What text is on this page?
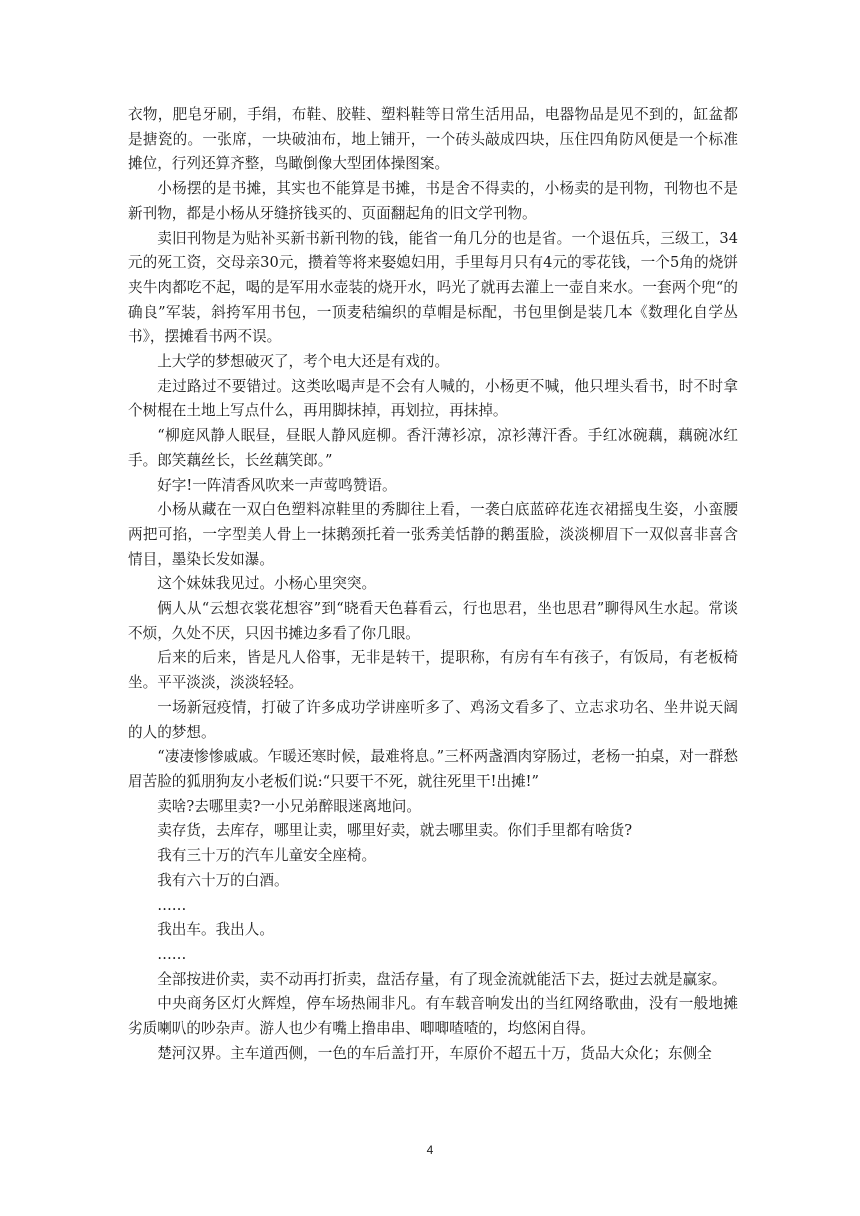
衣物，肥皂牙刷，手绢，布鞋、胶鞋、塑料鞋等日常生活用品，电器物品是见不到的，缸盆都是搪瓷的。一张席，一块破油布，地上铺开，一个砖头敲成四块，压住四角防风便是一个标准摊位，行列还算齐整，鸟瞰倒像大型团体操图案。

小杨摆的是书摊，其实也不能算是书摊，书是舍不得卖的，小杨卖的是刊物，刊物也不是新刊物，都是小杨从牙缝挤钱买的、页面翻起角的旧文学刊物。

卖旧刊物是为贴补买新书新刊物的钱，能省一角几分的也是省。一个退伍兵，三级工，34元的死工资，交母亲30元，攒着等将来娶媳妇用，手里每月只有4元的零花钱，一个5角的烧饼夹牛肉都吃不起，喝的是军用水壶装的烧开水，吗光了就再去灌上一壶自来水。一套两个兜“的确良”军装，斜挎军用书包，一顶麦秸编织的草帽是标配，书包里倒是装几本《数理化自学丛书》，摆摊看书两不误。

上大学的梦想破灭了，考个电大还是有戏的。

走过路过不要错过。这类吆喝声是不会有人喊的，小杨更不喊，他只埋头看书，时不时拿个树棍在土地上写点什么，再用脚抹掉，再划拉，再抹掉。

“柳庭风静人眠昼，昼眠人静风庭柳。香汗薄衫凉，凉衫薄汗香。手红冰碗藕，藕碗冰红手。郎笑藕丝长，长丝藕笑郎。”

好字!一阵清香风吹来一声莺鸣赞语。

小杨从藏在一双白色塑料凉鞋里的秀脚往上看，一袭白底蓝碎花连衣裙摇曳生姿，小蛮腰两把可掐，一字型美人骨上一抹鹅颈托着一张秀美恬静的鹅蛋脸，淡淡柳眉下一双似喜非喜含情目，墨染长发如瀑。

这个妹妹我见过。小杨心里突突。

俩人从“云想衣裳花想容”到“晓看天色暮看云，行也思君，坐也思君”聊得风生水起。常谈不烦，久处不厌，只因书摊边多看了你几眼。

后来的后来，皆是凡人俗事，无非是转干，提职称，有房有车有孩子，有饭局，有老板椅坐。平平淡淡，淡淡轻轻。

一场新冠疫情，打破了许多成功学讲座听多了、鸡汤文看多了、立志求功名、坐井说天阔的人的梦想。

“凄凄惨惨戚戚。乍暖还寒时候，最难将息。”三杯两盏酒肉穿肠过，老杨一拍桌，对一群愁眉苦脸的狐朋狗友小老板们说:“只要干不死，就往死里干!出摊!”

卖啥?去哪里卖?一小兄弟醉眼迷离地问。

卖存货，去库存，哪里让卖，哪里好卖，就去哪里卖。你们手里都有啥货?

我有三十万的汽车儿童安全座椅。

我有六十万的白酒。

……

我出车。我出人。

……

全部按进价卖，卖不动再打折卖，盘活存量，有了现金流就能活下去，挺过去就是赢家。

中央商务区灯火辉煌，停车场热闹非凡。有车载音响发出的当红网络歌曲，没有一般地摊劣质喇叭的吵杂声。游人也少有嘴上撸串串、唧唧喳喳的，均悠闲自得。

楚河汉界。主车道西侧，一色的车后盖打开，车原价不超五十万，货品大众化；东侧全

4
